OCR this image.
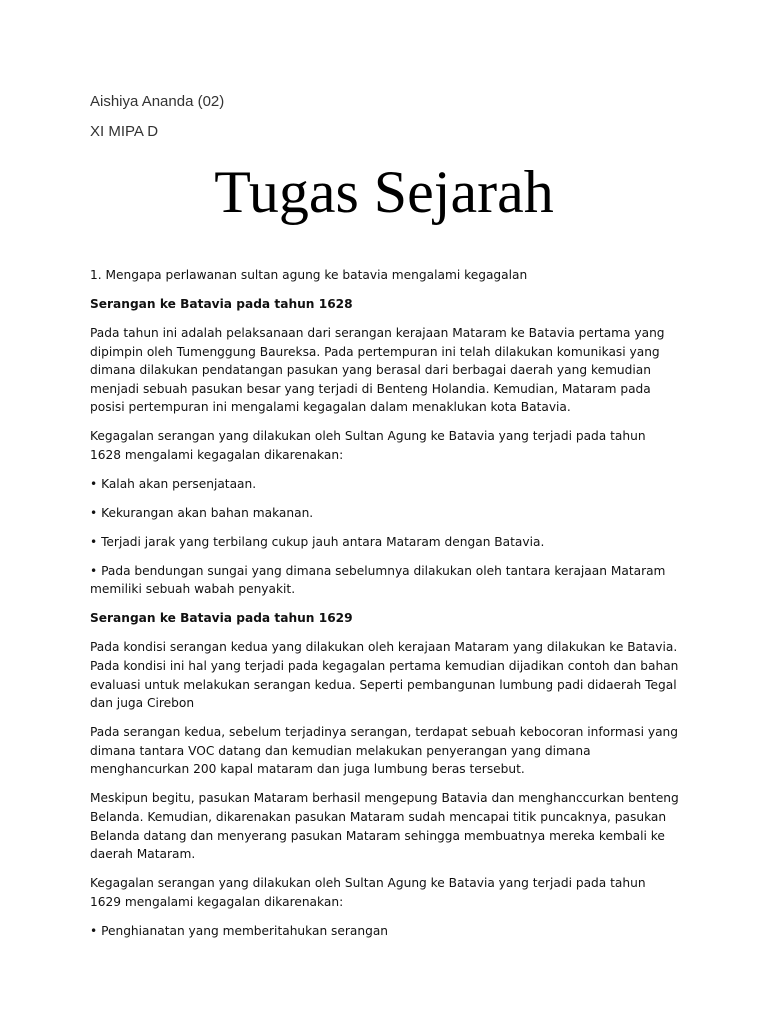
Aishiya Ananda (02)
XI MIPA D
Tugas Sejarah

1. Mengapa perlawanan sultan agung ke batavia mengalami kegagalan

Serangan ke Batavia pada tahun 1628

Pada tahun ini adalah pelaksanaan dari serangan kerajaan Mataram ke Batavia pertama yang dipimpin oleh Tumenggung Baureksa. Pada pertempuran ini telah dilakukan komunikasi yang dimana dilakukan pendatangan pasukan yang berasal dari berbagai daerah yang kemudian menjadi sebuah pasukan besar yang terjadi di Benteng Holandia. Kemudian, Mataram pada posisi pertempuran ini mengalami kegagalan dalam menaklukan kota Batavia.

Kegagalan serangan yang dilakukan oleh Sultan Agung ke Batavia yang terjadi pada tahun 1628 mengalami kegagalan dikarenakan:

• Kalah akan persenjataan.

• Kekurangan akan bahan makanan.

• Terjadi jarak yang terbilang cukup jauh antara Mataram dengan Batavia.

• Pada bendungan sungai yang dimana sebelumnya dilakukan oleh tantara kerajaan Mataram memiliki sebuah wabah penyakit.

Serangan ke Batavia pada tahun 1629

Pada kondisi serangan kedua yang dilakukan oleh kerajaan Mataram yang dilakukan ke Batavia. Pada kondisi ini hal yang terjadi pada kegagalan pertama kemudian dijadikan contoh dan bahan evaluasi untuk melakukan serangan kedua. Seperti pembangunan lumbung padi didaerah Tegal dan juga Cirebon

Pada serangan kedua, sebelum terjadinya serangan, terdapat sebuah kebocoran informasi yang dimana tantara VOC datang dan kemudian melakukan penyerangan yang dimana menghancurkan 200 kapal mataram dan juga lumbung beras tersebut.

Meskipun begitu, pasukan Mataram berhasil mengepung Batavia dan menghanccurkan benteng Belanda. Kemudian, dikarenakan pasukan Mataram sudah mencapai titik puncaknya, pasukan Belanda datang dan menyerang pasukan Mataram sehingga membuatnya mereka kembali ke daerah Mataram.

Kegagalan serangan yang dilakukan oleh Sultan Agung ke Batavia yang terjadi pada tahun 1629 mengalami kegagalan dikarenakan:

• Penghianatan yang memberitahukan serangan
